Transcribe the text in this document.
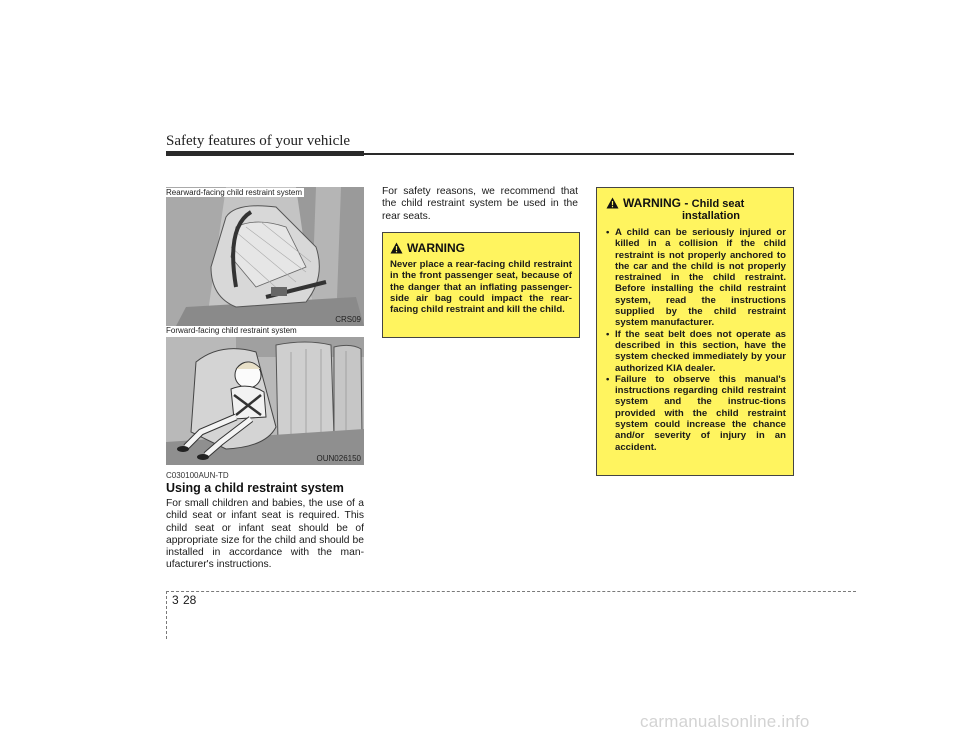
Safety features of your vehicle
Rearward-facing child restraint system
CRS09
Forward-facing child restraint system
OUN026150
C030100AUN-TD
Using a child restraint system
For small children and babies, the use of a child seat or infant seat is required. This child seat or infant seat should be of appropriate size for the child and should be installed in accordance with the man-ufacturer's instructions.
For safety reasons, we recommend that the child restraint system be used in the rear seats.
WARNING
Never place a rear-facing child restraint in the front passenger seat, because of the danger that an inflating passenger-side air bag could impact the rear-facing child restraint and kill the child.
WARNING - Child seat
installation
• A child can be seriously injured or killed in a collision if the child restraint is not properly anchored to the car and the child is not properly restrained in the child restraint. Before installing the child restraint system, read the instructions supplied by the child restraint system manufacturer.
• If the seat belt does not operate as described in this section, have the system checked immediately by your authorized KIA dealer.
• Failure to observe this manual's instructions regarding child restraint system and the instruc-tions provided with the child restraint system could increase the chance and/or severity of injury in an accident.
3 28
carmanualsonline.info
